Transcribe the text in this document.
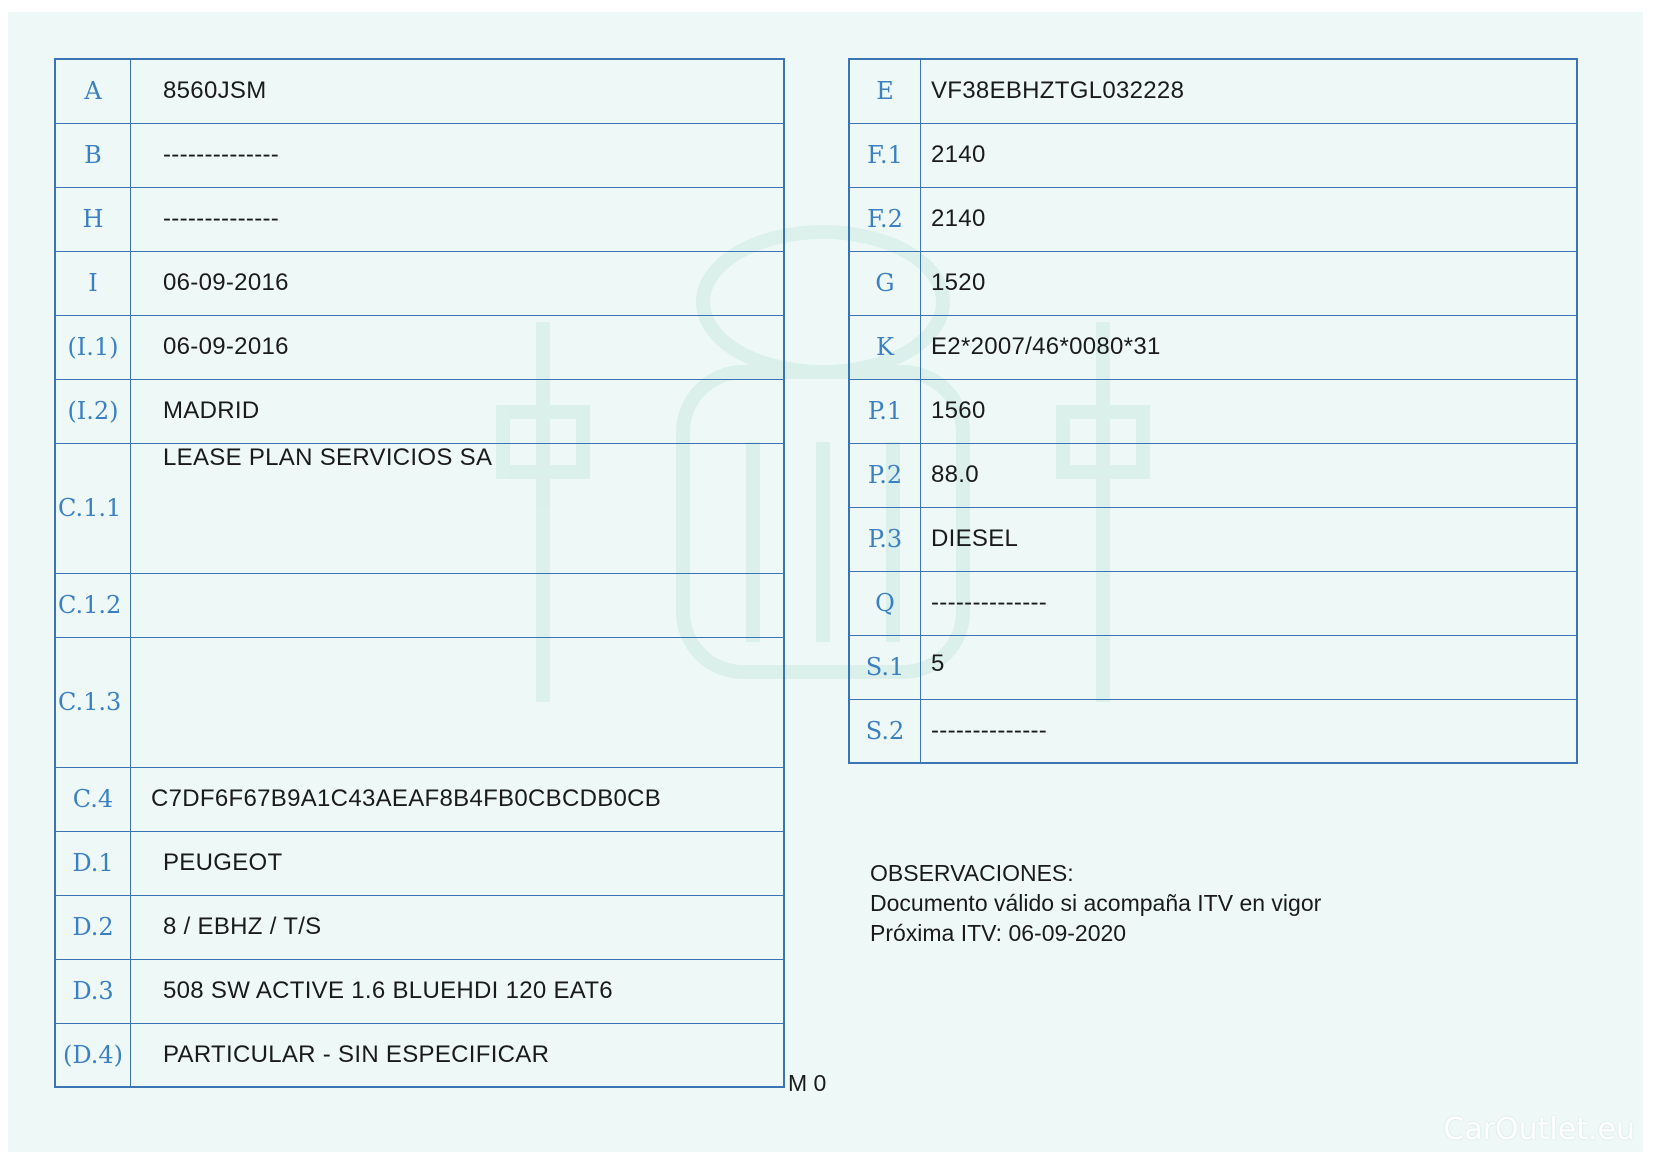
A	8560JSM
B	--------------
H	--------------
I	06-09-2016
(I.1)	06-09-2016
(I.2)	MADRID
C.1.1	LEASE PLAN SERVICIOS SA
C.1.2	
C.1.3	
C.4	C7DF6F67B9A1C43AEAF8B4FB0CBCDB0CB
D.1	PEUGEOT
D.2	8 / EBHZ / T/S
D.3	508 SW ACTIVE 1.6 BLUEHDI 120 EAT6
(D.4)	PARTICULAR - SIN ESPECIFICAR
E	VF38EBHZTGL032228
F.1	2140
F.2	2140
G	1520
K	E2*2007/46*0080*31
P.1	1560
P.2	88.0
P.3	DIESEL
Q	--------------
S.1	5
S.2	--------------
OBSERVACIONES:
Documento válido si acompaña ITV en vigor
Próxima ITV: 06-09-2020
M 0
CarOutlet.eu
